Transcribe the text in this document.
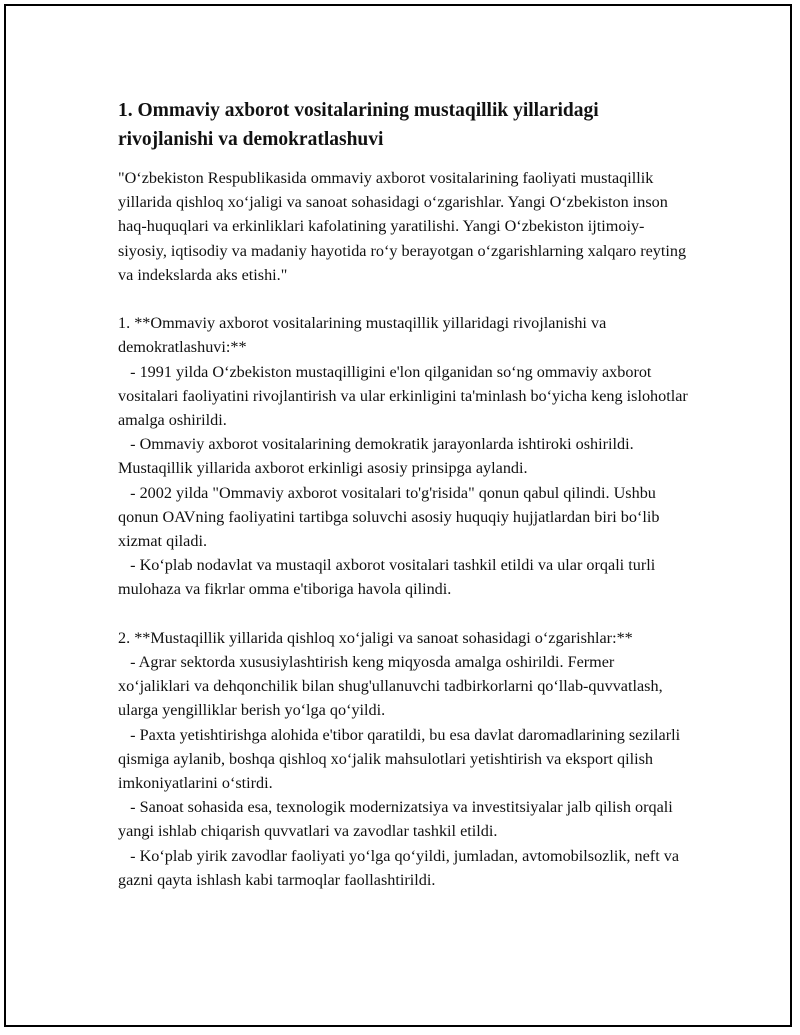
1. Ommaviy axborot vositalarining mustaqillik yillaridagi rivojlanishi va demokratlashuvi

"O‘zbekiston Respublikasida ommaviy axborot vositalarining faoliyati mustaqillik yillarida qishloq xo‘jaligi va sanoat sohasidagi o‘zgarishlar. Yangi O‘zbekiston inson haq-huquqlari va erkinliklari kafolatining yaratilishi. Yangi O‘zbekiston ijtimoiy-siyosiy, iqtisodiy va madaniy hayotida ro‘y berayotgan o‘zgarishlarning xalqaro reyting va indekslarda aks etishi."

1. **Ommaviy axborot vositalarining mustaqillik yillaridagi rivojlanishi va demokratlashuvi:**

- 1991 yilda O‘zbekiston mustaqilligini e'lon qilganidan so‘ng ommaviy axborot vositalari faoliyatini rivojlantirish va ular erkinligini ta'minlash bo‘yicha keng islohotlar amalga oshirildi.

- Ommaviy axborot vositalarining demokratik jarayonlarda ishtiroki oshirildi. Mustaqillik yillarida axborot erkinligi asosiy prinsipga aylandi.

- 2002 yilda "Ommaviy axborot vositalari to'g'risida" qonun qabul qilindi. Ushbu qonun OAVning faoliyatini tartibga soluvchi asosiy huquqiy hujjatlardan biri bo‘lib xizmat qiladi.

- Ko‘plab nodavlat va mustaqil axborot vositalari tashkil etildi va ular orqali turli mulohaza va fikrlar omma e'tiboriga havola qilindi.

2. **Mustaqillik yillarida qishloq xo‘jaligi va sanoat sohasidagi o‘zgarishlar:**

- Agrar sektorda xususiylashtirish keng miqyosda amalga oshirildi. Fermer xo‘jaliklari va dehqonchilik bilan shug'ullanuvchi tadbirkorlarni qo‘llab-quvvatlash, ularga yengilliklar berish yo‘lga qo‘yildi.

- Paxta yetishtirishga alohida e'tibor qaratildi, bu esa davlat daromadlarining sezilarli qismiga aylanib, boshqa qishloq xo‘jalik mahsulotlari yetishtirish va eksport qilish imkoniyatlarini o‘stirdi.

- Sanoat sohasida esa, texnologik modernizatsiya va investitsiyalar jalb qilish orqali yangi ishlab chiqarish quvvatlari va zavodlar tashkil etildi.

- Ko‘plab yirik zavodlar faoliyati yo‘lga qo‘yildi, jumladan, avtomobilsozlik, neft va gazni qayta ishlash kabi tarmoqlar faollashtirildi.
